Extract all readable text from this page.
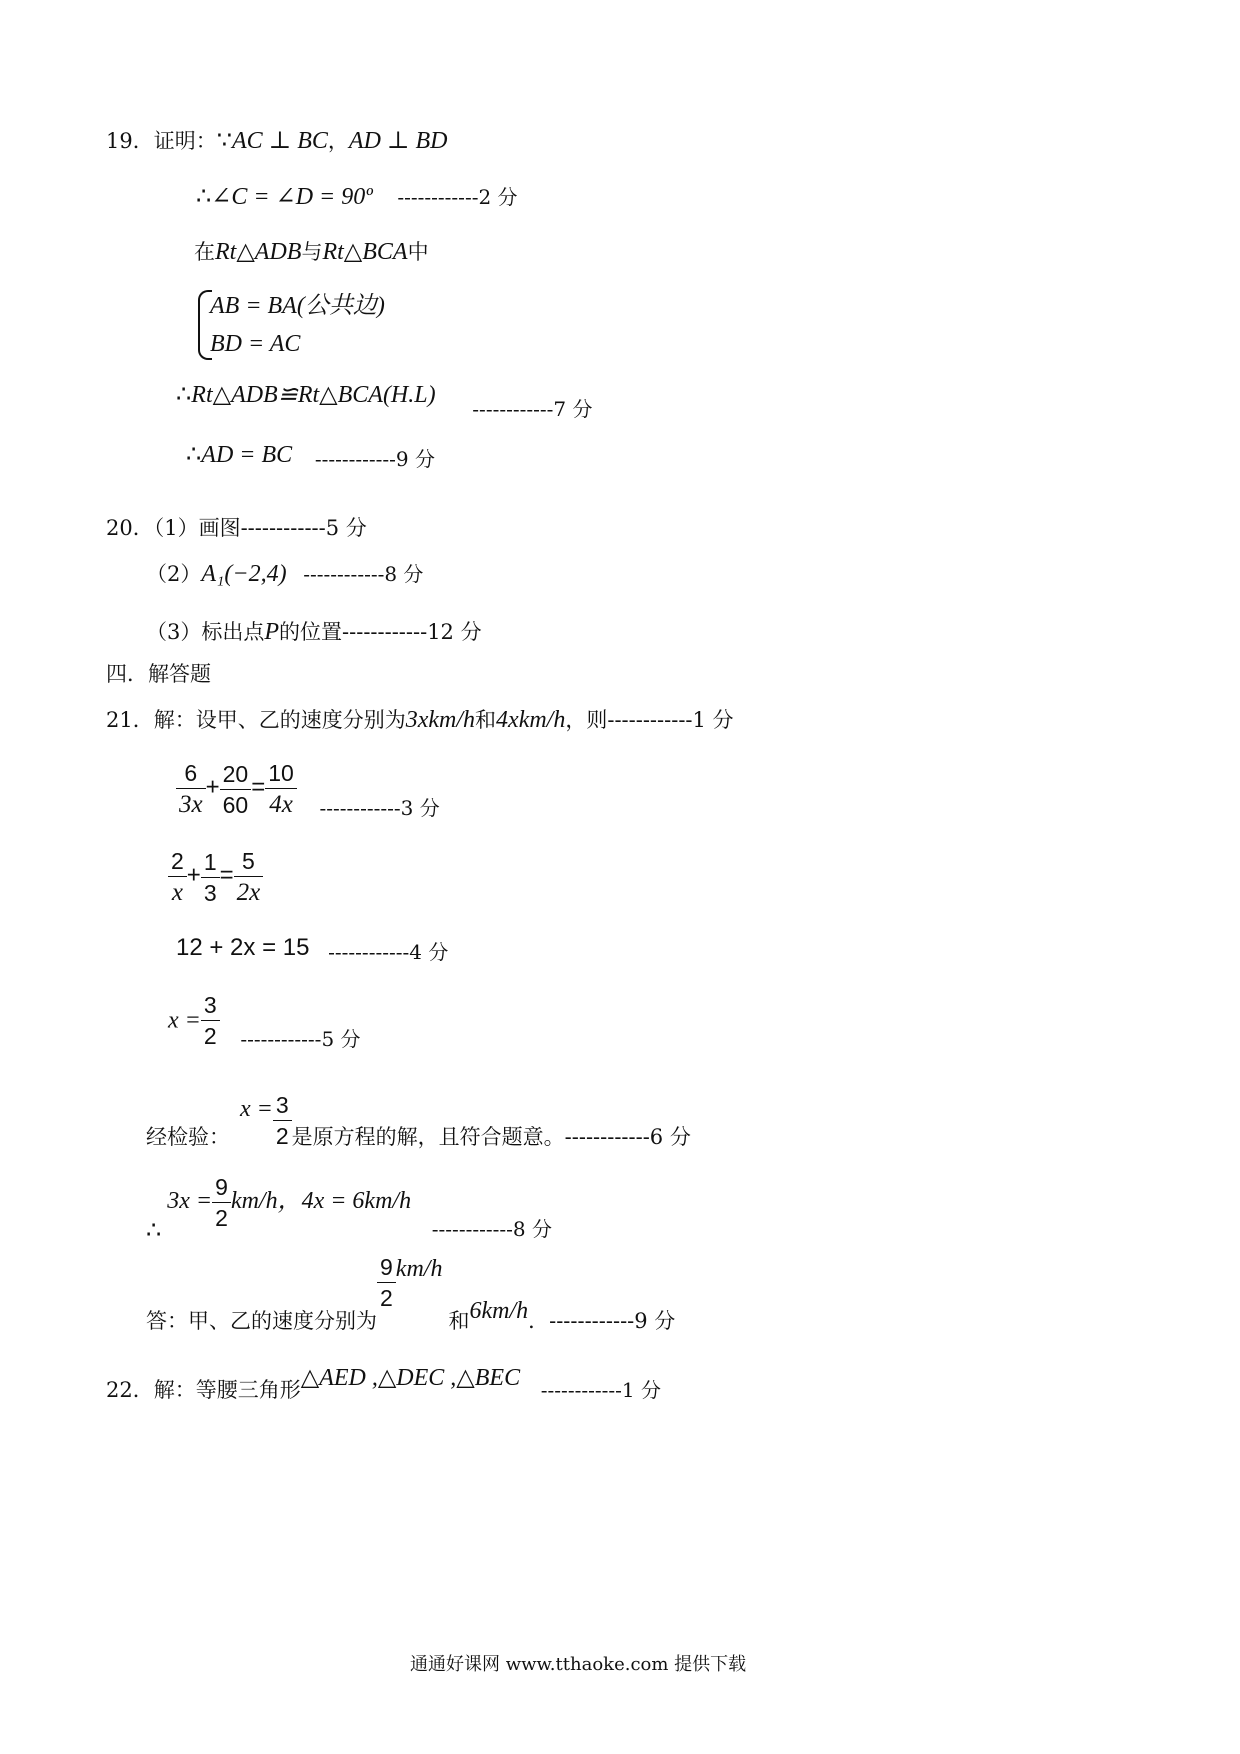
19．证明：∵AC ⊥ BC，AD ⊥ BD
∴∠C = ∠D = 90º ------------2 分
在Rt△ADB与Rt△BCA中
AB = BA(公共边)
BD = AC
∴Rt△ADB≌Rt△BCA(H.L) ------------7 分
∴AD = BC ------------9 分
20．（1）画图------------5 分
（2）A₁(−2,4) ------------8 分
（3）标出点P的位置------------12 分
四．解答题
21．解：设甲、乙的速度分别为3xkm/h和4xkm/h，则------------1 分
$\frac{6}{3x} + \frac{20}{60} = \frac{10}{4x} ------------3$ 分
$\frac{2}{x} + \frac{1}{3} = \frac{5}{2x}$
12 + 2x = 15 ------------4 分
$x = \frac{3}{2} ------------5$ 分
经检验：$x = \frac{3}{2}$ 是原方程的解，且符合题意。------------6 分
∴3x = $\frac{9}{2} km/h$，4x = 6km/h ------------8 分
答：甲、乙的速度分别为
$\frac{9}{2} km/h$和6km/h．------------9 分
22．解：等腰三角形△AED ,△DEC ,△BEC ------------1 分
通通好课网 www.tthaoke.com 提供下载
